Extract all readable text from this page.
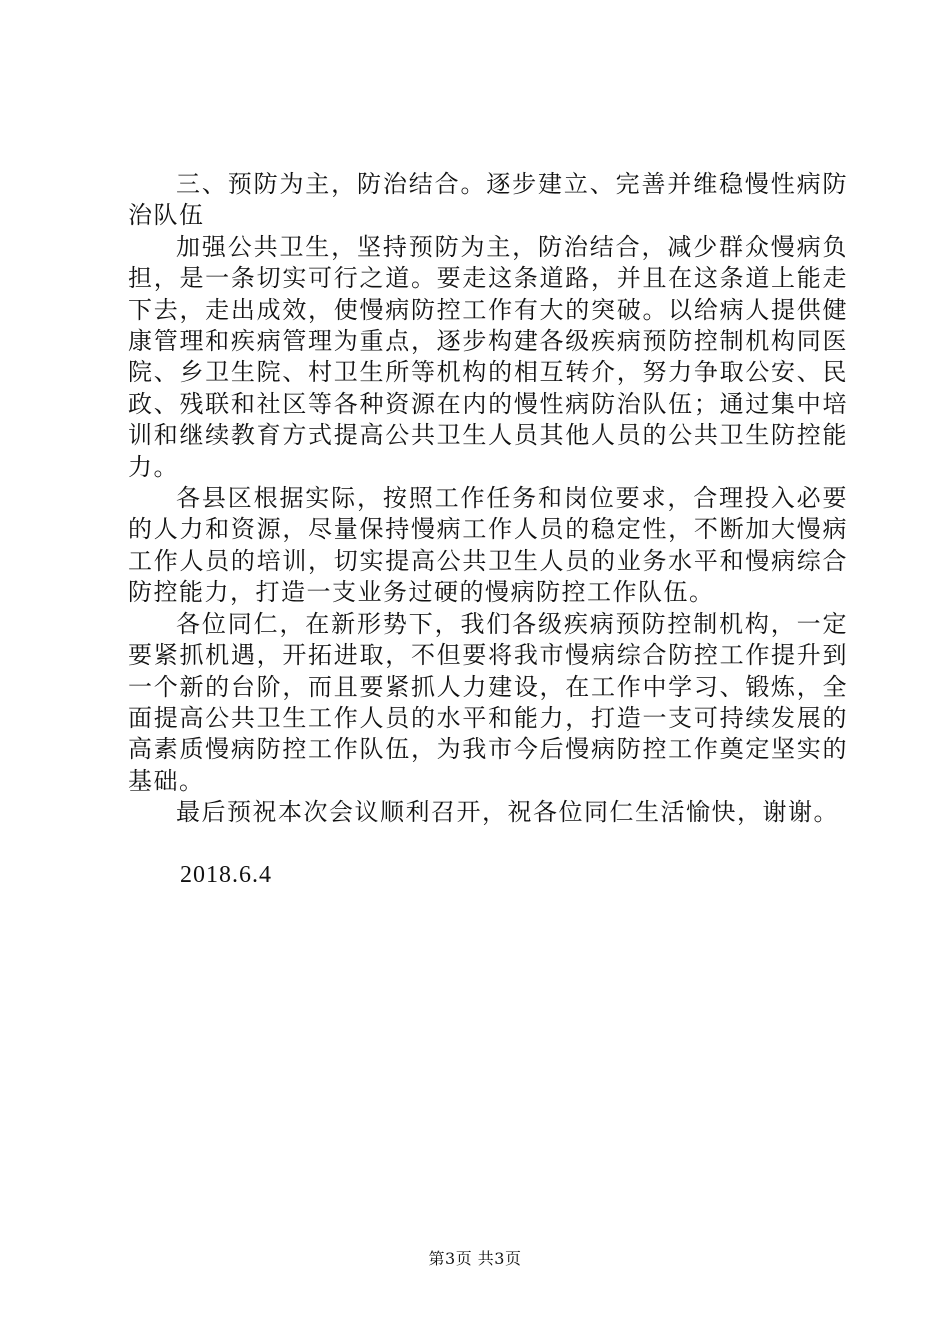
三、预防为主，防治结合。逐步建立、完善并维稳慢性病防治队伍

加强公共卫生，坚持预防为主，防治结合，减少群众慢病负担，是一条切实可行之道。要走这条道路，并且在这条道上能走下去，走出成效，使慢病防控工作有大的突破。以给病人提供健康管理和疾病管理为重点，逐步构建各级疾病预防控制机构同医院、乡卫生院、村卫生所等机构的相互转介，努力争取公安、民政、残联和社区等各种资源在内的慢性病防治队伍；通过集中培训和继续教育方式提高公共卫生人员其他人员的公共卫生防控能力。

各县区根据实际，按照工作任务和岗位要求，合理投入必要的人力和资源，尽量保持慢病工作人员的稳定性，不断加大慢病工作人员的培训，切实提高公共卫生人员的业务水平和慢病综合防控能力，打造一支业务过硬的慢病防控工作队伍。

各位同仁，在新形势下，我们各级疾病预防控制机构，一定要紧抓机遇，开拓进取，不但要将我市慢病综合防控工作提升到一个新的台阶，而且要紧抓人力建设，在工作中学习、锻炼，全面提高公共卫生工作人员的水平和能力，打造一支可持续发展的高素质慢病防控工作队伍，为我市今后慢病防控工作奠定坚实的基础。

最后预祝本次会议顺利召开，祝各位同仁生活愉快，谢谢。

2018.6.4

第3页 共3页
